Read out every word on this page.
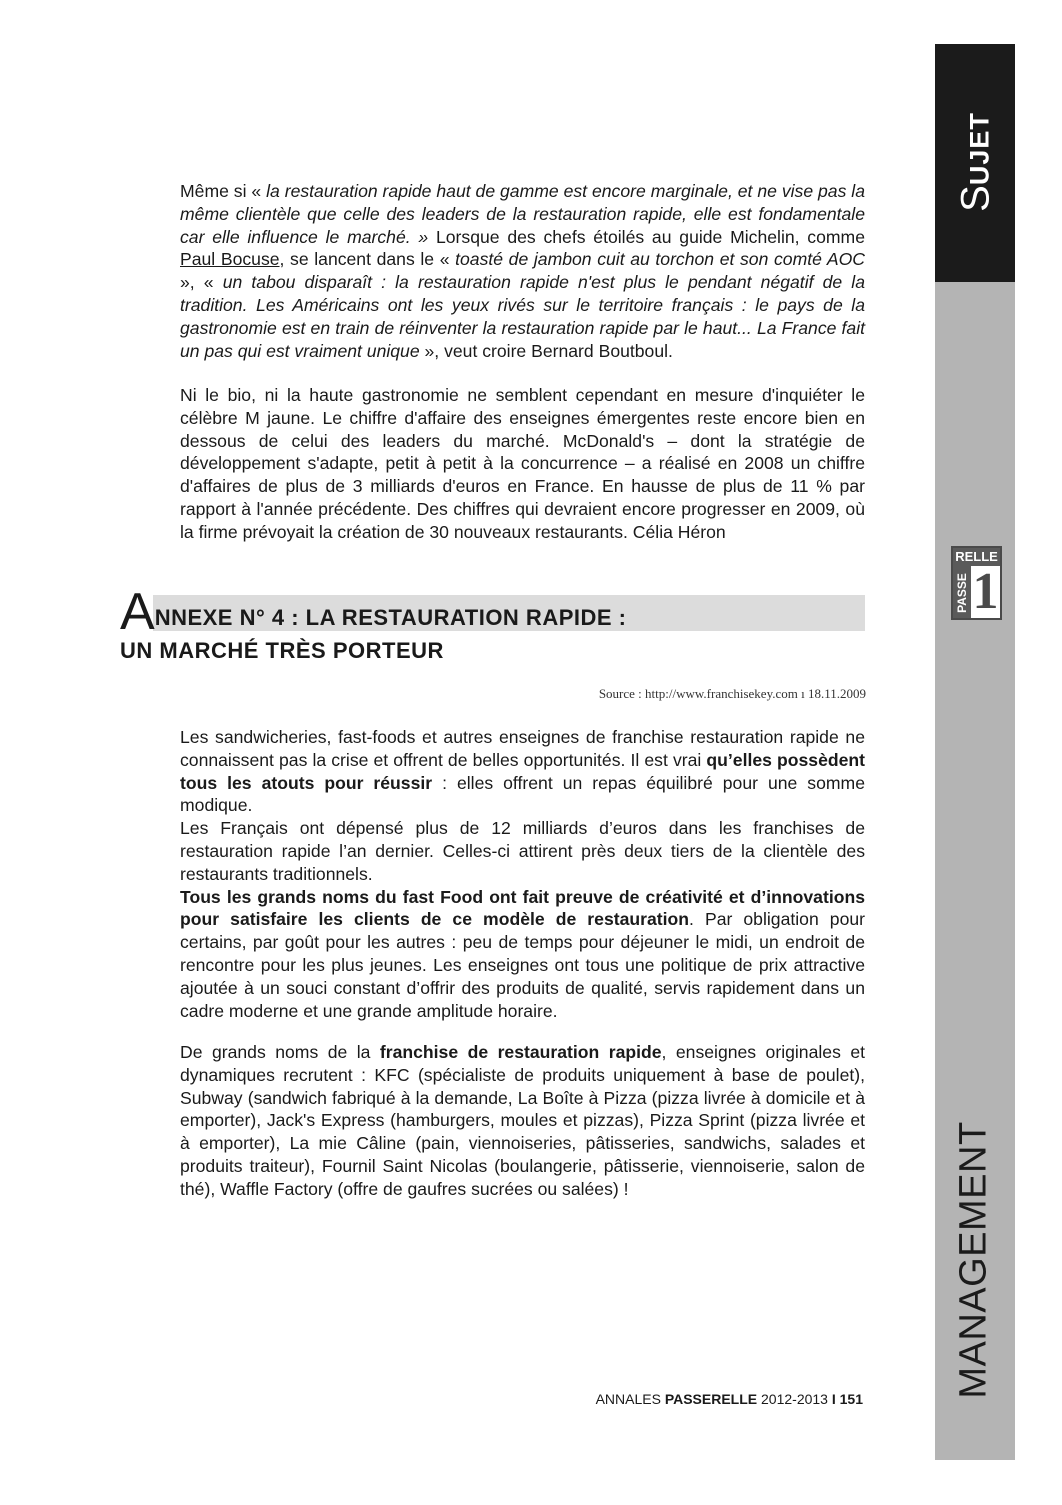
SUJET
RELLE
PASSE 1
MANAGEMENT

Même si « la restauration rapide haut de gamme est encore marginale, et ne vise pas la même clientèle que celle des leaders de la restauration rapide, elle est fondamentale car elle influence le marché. » Lorsque des chefs étoilés au guide Michelin, comme Paul Bocuse, se lancent dans le « toasté de jambon cuit au torchon et son comté AOC », « un tabou disparaît : la restauration rapide n'est plus le pendant négatif de la tradition. Les Américains ont les yeux rivés sur le territoire français : le pays de la gastronomie est en train de réinventer la restauration rapide par le haut... La France fait un pas qui est vraiment unique », veut croire Bernard Boutboul.

Ni le bio, ni la haute gastronomie ne semblent cependant en mesure d'inquiéter le célèbre M jaune. Le chiffre d'affaire des enseignes émergentes reste encore bien en dessous de celui des leaders du marché. McDonald's – dont la stratégie de développement s'adapte, petit à petit à la concurrence – a réalisé en 2008 un chiffre d'affaires de plus de 3 milliards d'euros en France. En hausse de plus de 11 % par rapport à l'année précédente. Des chiffres qui devraient encore progresser en 2009, où la firme prévoyait la création de 30 nouveaux restaurants. Célia Héron

ANNEXE N° 4 : LA RESTAURATION RAPIDE :
UN MARCHÉ TRÈS PORTEUR
Source : http://www.franchisekey.com ı 18.11.2009

Les sandwicheries, fast-foods et autres enseignes de franchise restauration rapide ne connaissent pas la crise et offrent de belles opportunités. Il est vrai qu’elles possèdent tous les atouts pour réussir : elles offrent un repas équilibré pour une somme modique.

Les Français ont dépensé plus de 12 milliards d’euros dans les franchises de restauration rapide l’an dernier. Celles-ci attirent près deux tiers de la clientèle des restaurants traditionnels.

Tous les grands noms du fast Food ont fait preuve de créativité et d’innovations pour satisfaire les clients de ce modèle de restauration. Par obligation pour certains, par goût pour les autres : peu de temps pour déjeuner le midi, un endroit de rencontre pour les plus jeunes. Les enseignes ont tous une politique de prix attractive ajoutée à un souci constant d’offrir des produits de qualité, servis rapidement dans un cadre moderne et une grande amplitude horaire.

De grands noms de la franchise de restauration rapide, enseignes originales et dynamiques recrutent : KFC (spécialiste de produits uniquement à base de poulet), Subway (sandwich fabriqué à la demande, La Boîte à Pizza (pizza livrée à domicile et à emporter), Jack's Express (hamburgers, moules et pizzas), Pizza Sprint (pizza livrée et à emporter), La mie Câline (pain, viennoiseries, pâtisseries, sandwichs, salades et produits traiteur), Fournil Saint Nicolas (boulangerie, pâtisserie, viennoiserie, salon de thé), Waffle Factory (offre de gaufres sucrées ou salées) !

ANNALES PASSERELLE 2012-2013 I 151
